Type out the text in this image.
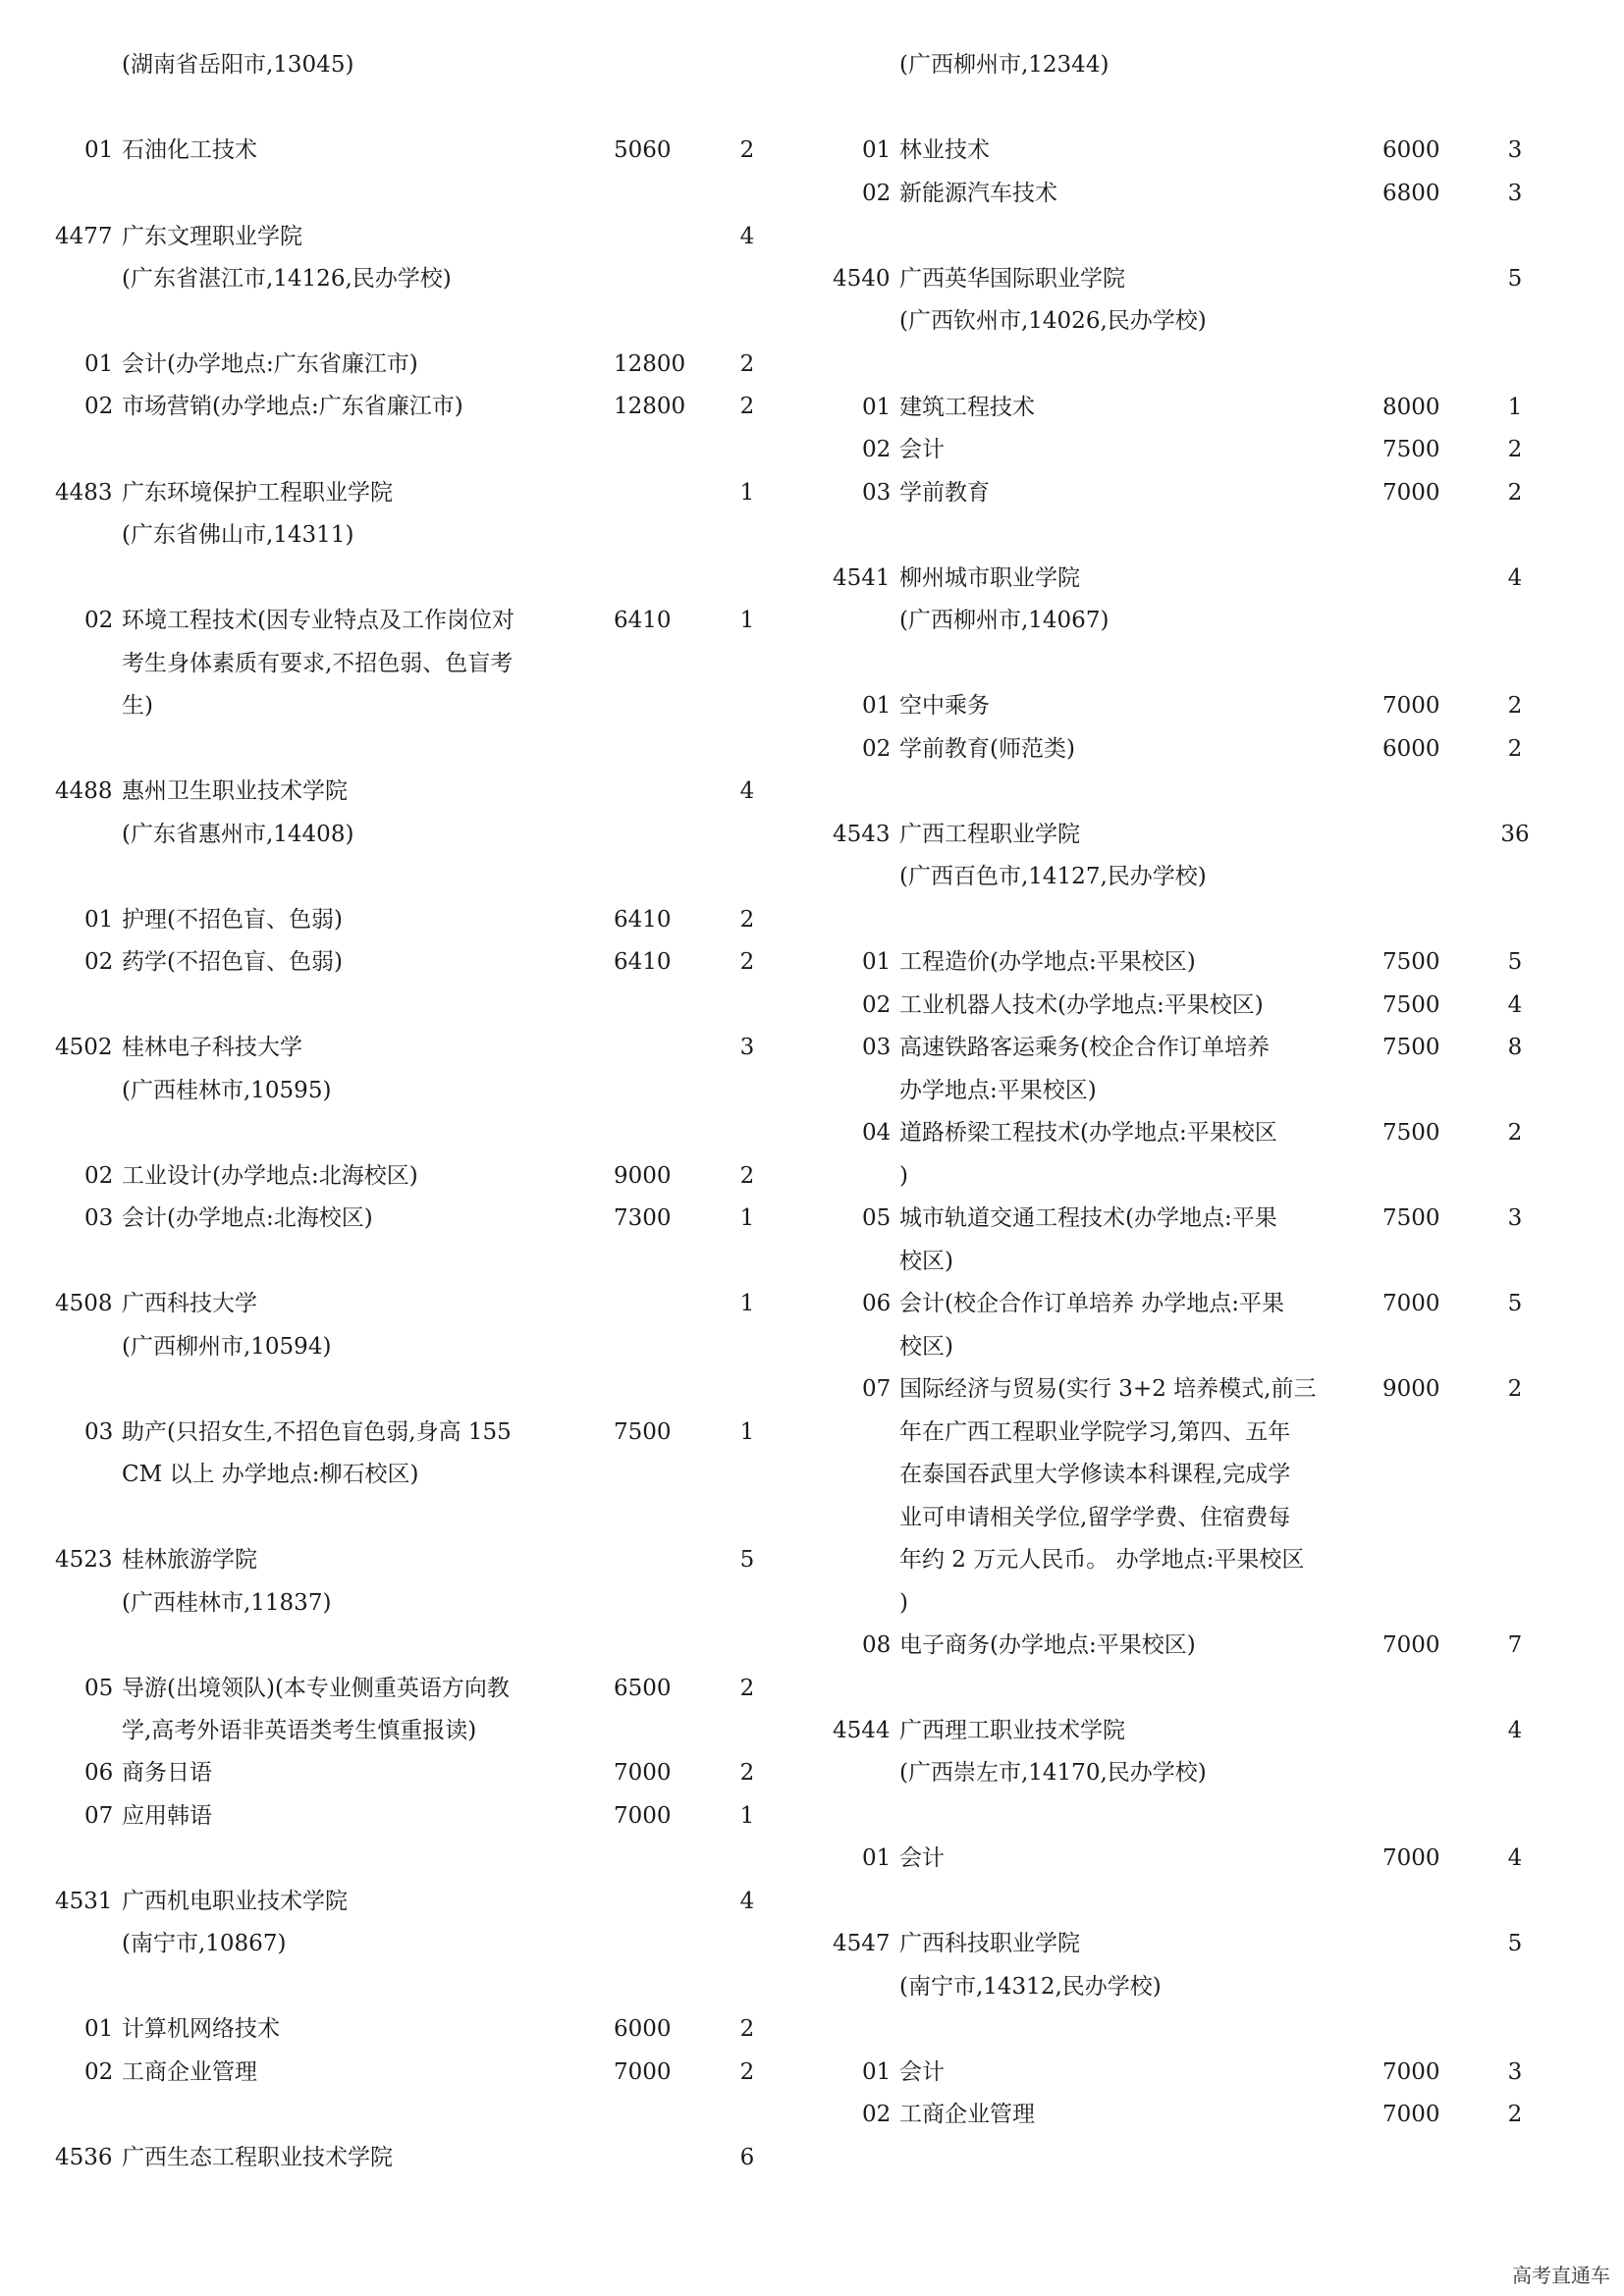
(湖南省岳阳市,13045)
01 石油化工技术	5060	2
4477 广东文理职业学院	4
(广东省湛江市,14126,民办学校)
01 会计(办学地点:广东省廉江市)	12800	2
02 市场营销(办学地点:广东省廉江市)	12800	2
4483 广东环境保护工程职业学院	1
(广东省佛山市,14311)
02 环境工程技术(因专业特点及工作岗位对	6410	1
考生身体素质有要求,不招色弱、色盲考
生)
4488 惠州卫生职业技术学院	4
(广东省惠州市,14408)
01 护理(不招色盲、色弱)	6410	2
02 药学(不招色盲、色弱)	6410	2
4502 桂林电子科技大学	3
(广西桂林市,10595)
02 工业设计(办学地点:北海校区)	9000	2
03 会计(办学地点:北海校区)	7300	1
4508 广西科技大学	1
(广西柳州市,10594)
03 助产(只招女生,不招色盲色弱,身高 155	7500	1
CM 以上 办学地点:柳石校区)
4523 桂林旅游学院	5
(广西桂林市,11837)
05 导游(出境领队)(本专业侧重英语方向教	6500	2
学,高考外语非英语类考生慎重报读)
06 商务日语	7000	2
07 应用韩语	7000	1
4531 广西机电职业技术学院	4
(南宁市,10867)
01 计算机网络技术	6000	2
02 工商企业管理	7000	2
4536 广西生态工程职业技术学院	6
(广西柳州市,12344)
01 林业技术	6000	3
02 新能源汽车技术	6800	3
4540 广西英华国际职业学院	5
(广西钦州市,14026,民办学校)
01 建筑工程技术	8000	1
02 会计	7500	2
03 学前教育	7000	2
4541 柳州城市职业学院	4
(广西柳州市,14067)
01 空中乘务	7000	2
02 学前教育(师范类)	6000	2
4543 广西工程职业学院	36
(广西百色市,14127,民办学校)
01 工程造价(办学地点:平果校区)	7500	5
02 工业机器人技术(办学地点:平果校区)	7500	4
03 高速铁路客运乘务(校企合作订单培养	7500	8
办学地点:平果校区)
04 道路桥梁工程技术(办学地点:平果校区	7500	2
)
05 城市轨道交通工程技术(办学地点:平果	7500	3
校区)
06 会计(校企合作订单培养 办学地点:平果	7000	5
校区)
07 国际经济与贸易(实行 3+2 培养模式,前三	9000	2
年在广西工程职业学院学习,第四、五年
在泰国吞武里大学修读本科课程,完成学
业可申请相关学位,留学学费、住宿费每
年约 2 万元人民币。 办学地点:平果校区
)
08 电子商务(办学地点:平果校区)	7000	7
4544 广西理工职业技术学院	4
(广西崇左市,14170,民办学校)
01 会计	7000	4
4547 广西科技职业学院	5
(南宁市,14312,民办学校)
01 会计	7000	3
02 工商企业管理	7000	2
高考直通车
